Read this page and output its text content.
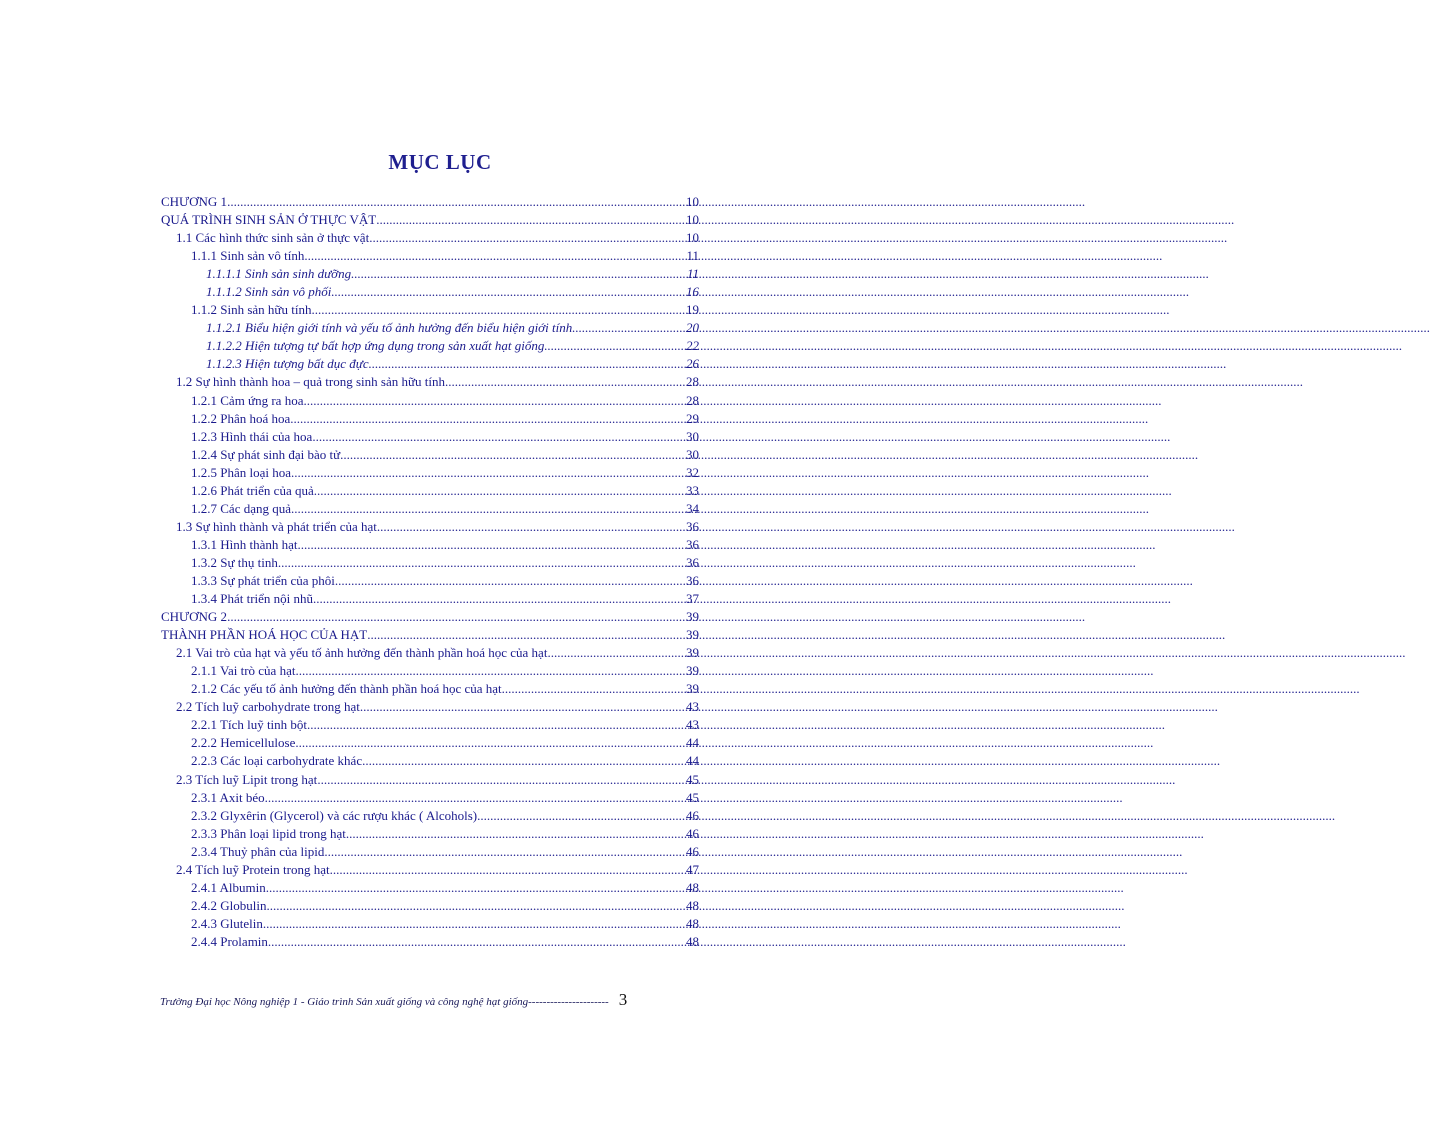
MỤC LỤC
CHƯƠNG 1 .....	10
QUÁ TRÌNH SINH SẢN Ở THỰC VẬT .....	10
1.1 Các hình thức sinh sản ở thực vật .....	10
1.1.1 Sinh sản vô tính .....	11
1.1.1.1 Sinh sản sinh dưỡng .....	11
1.1.1.2 Sinh sản vô phối .....	16
1.1.2 Sinh sản hữu tính .....	19
1.1.2.1 Biểu hiện giới tính và yếu tố ảnh hưởng đến biểu hiện giới tính .....	20
1.1.2.2 Hiện tượng tự bất hợp ứng dụng trong sản xuất hạt giống .....	22
1.1.2.3 Hiện tượng bất dục đực .....	26
1.2 Sự hình thành hoa – quả trong sinh sản hữu tính .....	28
1.2.1 Cảm ứng ra hoa .....	28
1.2.2 Phân hoá hoa .....	29
1.2.3 Hình thái của hoa .....	30
1.2.4 Sự phát sinh đại bào tử .....	30
1.2.5 Phân loại hoa .....	32
1.2.6 Phát triển của quả .....	33
1.2.7 Các dạng quả .....	34
1.3 Sự hình thành và phát triển của hạt .....	36
1.3.1 Hình thành hạt .....	36
1.3.2 Sự thụ tinh .....	36
1.3.3 Sự phát triển của phôi .....	36
1.3.4 Phát triển nội nhũ .....	37
CHƯƠNG 2 .....	39
THÀNH PHẦN HOÁ HỌC CỦA HẠT .....	39
2.1 Vai trò của hạt và yếu tố ảnh hưởng đến thành phần hoá học của hạt .....	39
2.1.1 Vai trò của hạt .....	39
2.1.2 Các yếu tố ảnh hưởng đến thành phần hoá học của hạt .....	39
2.2 Tích luỹ carbohydrate trong hạt .....	43
2.2.1 Tích luỹ tinh bột .....	43
2.2.2 Hemicellulose .....	44
2.2.3 Các loại carbohydrate khác .....	44
2.3 Tích luỹ Lipit trong hạt .....	45
2.3.1 Axit béo .....	45
2.3.2 Glyxêrin (Glycerol) và các rượu khác ( Alcohols) .....	46
2.3.3 Phân loại lipid trong hạt .....	46
2.3.4 Thuỷ phân của lipid .....	46
2.4 Tích luỹ Protein trong hạt .....	47
2.4.1 Albumin .....	48
2.4.2 Globulin .....	48
2.4.3 Glutelin .....	48
2.4.4 Prolamin .....	48
Trường Đại học Nông nghiệp 1 - Giáo trình Sản xuất giống và công nghệ hạt giống---------------------- 3
